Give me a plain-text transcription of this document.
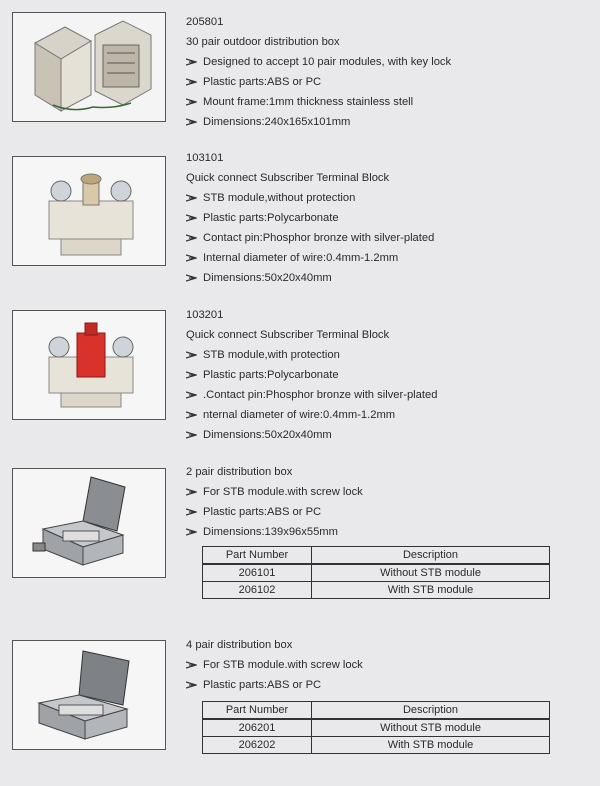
205801
30 pair outdoor distribution box
Designed to accept 10 pair modules, with key lock
Plastic parts:ABS or PC
Mount frame:1mm thickness stainless stell
Dimensions:240x165x101mm
103101
Quick connect Subscriber Terminal Block
STB module,without protection
Plastic parts:Polycarbonate
Contact pin:Phosphor bronze with silver-plated
Internal diameter of wire:0.4mm-1.2mm
Dimensions:50x20x40mm
103201
Quick connect Subscriber Terminal Block
STB module,with protection
Plastic parts:Polycarbonate
.Contact pin:Phosphor bronze with silver-plated
nternal diameter of wire:0.4mm-1.2mm
Dimensions:50x20x40mm
2 pair distribution box
For STB module.with screw lock
Plastic parts:ABS or PC
Dimensions:139x96x55mm
Part Number	Description
206101	Without STB module
206102	With STB module
4 pair distribution box
For STB module.with screw lock
Plastic parts:ABS or PC
Part Number	Description
206201	Without STB module
206202	With STB module
